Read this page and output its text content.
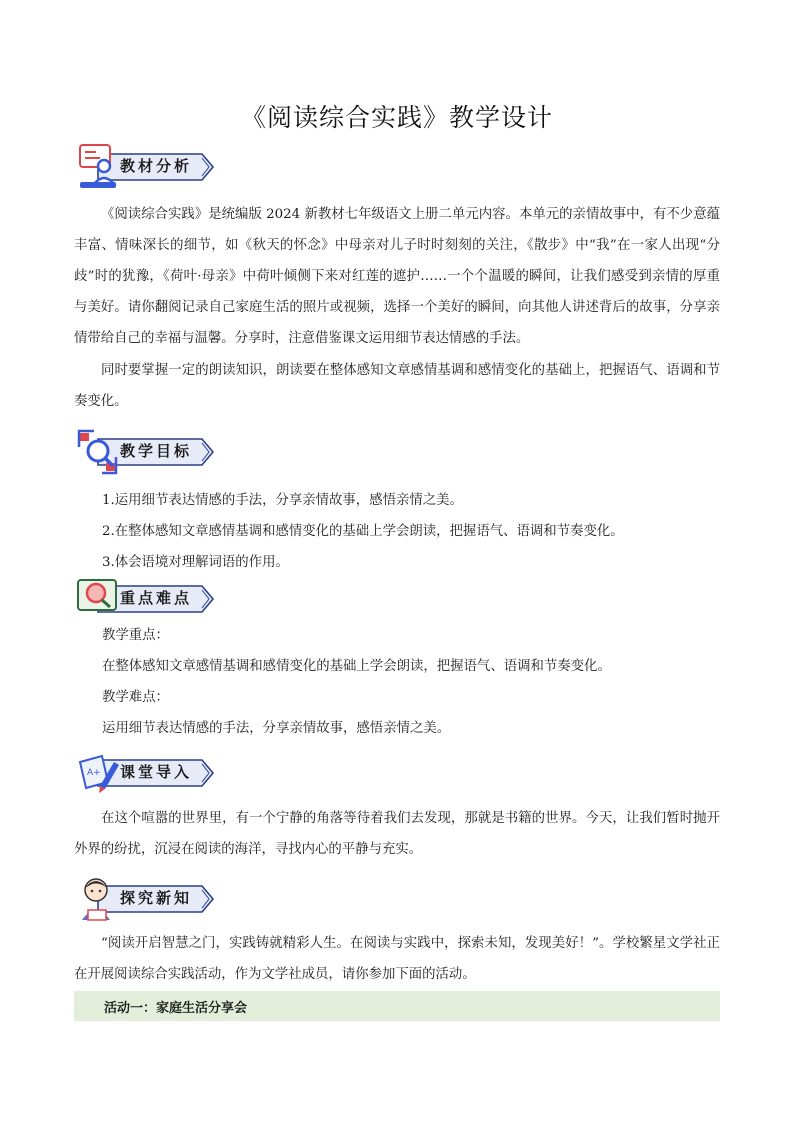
《阅读综合实践》教学设计
教材分析
《阅读综合实践》是统编版 2024 新教材七年级语文上册二单元内容。本单元的亲情故事中，有不少意蕴丰富、情味深长的细节，如《秋天的怀念》中母亲对儿子时时刻刻的关注，《散步》中“我”在一家人出现“分歧”时的犹豫，《荷叶·母亲》中荷叶倾侧下来对红莲的遮护……一个个温暖的瞬间，让我们感受到亲情的厚重与美好。请你翻阅记录自己家庭生活的照片或视频，选择一个美好的瞬间，向其他人讲述背后的故事，分享亲情带给自己的幸福与温馨。分享时，注意借鉴课文运用细节表达情感的手法。
同时要掌握一定的朗读知识，朗读要在整体感知文章感情基调和感情变化的基础上，把握语气、语调和节奏变化。
教学目标
1.运用细节表达情感的手法，分享亲情故事，感悟亲情之美。
2.在整体感知文章感情基调和感情变化的基础上学会朗读，把握语气、语调和节奏变化。
3.体会语境对理解词语的作用。
重点难点
教学重点：
在整体感知文章感情基调和感情变化的基础上学会朗读，把握语气、语调和节奏变化。
教学难点：
运用细节表达情感的手法，分享亲情故事，感悟亲情之美。
A+ 课堂导入
在这个喧嚣的世界里，有一个宁静的角落等待着我们去发现，那就是书籍的世界。今天，让我们暂时抛开外界的纷扰，沉浸在阅读的海洋，寻找内心的平静与充实。
探究新知
“阅读开启智慧之门，实践铸就精彩人生。在阅读与实践中，探索未知，发现美好！”。学校繁星文学社正在开展阅读综合实践活动，作为文学社成员，请你参加下面的活动。
活动一：家庭生活分享会
